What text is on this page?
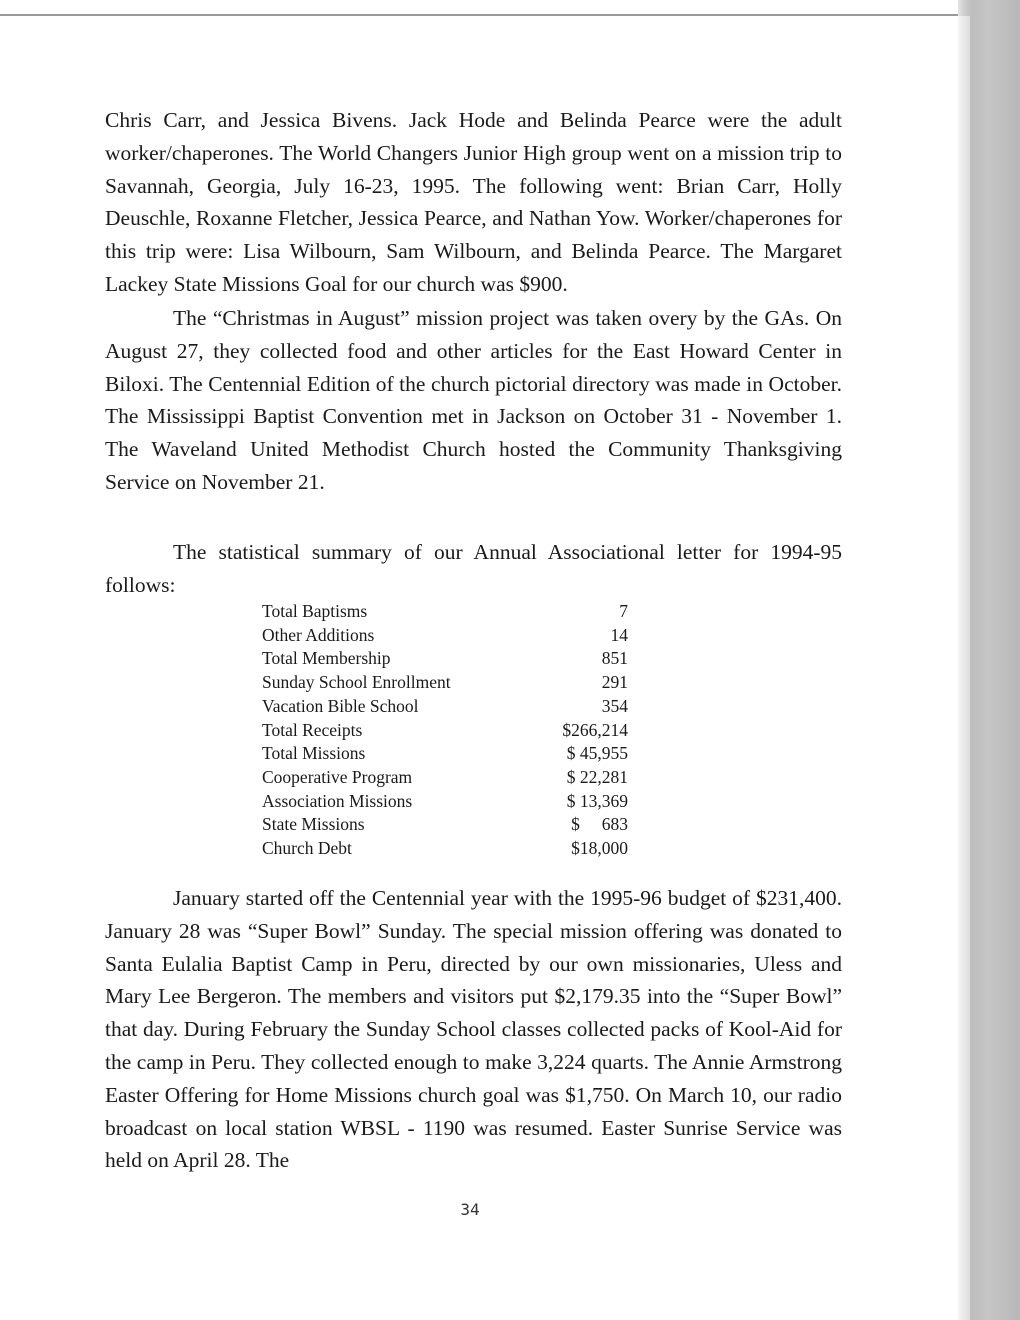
Chris Carr, and Jessica Bivens. Jack Hode and Belinda Pearce were the adult worker/chaperones. The World Changers Junior High group went on a mission trip to Savannah, Georgia, July 16-23, 1995. The following went: Brian Carr, Holly Deuschle, Roxanne Fletcher, Jessica Pearce, and Nathan Yow. Worker/chaperones for this trip were: Lisa Wilbourn, Sam Wilbourn, and Belinda Pearce. The Margaret Lackey State Missions Goal for our church was $900.

The “Christmas in August” mission project was taken overy by the GAs. On August 27, they collected food and other articles for the East Howard Center in Biloxi. The Centennial Edition of the church pictorial directory was made in October. The Mississippi Baptist Convention met in Jackson on October 31 - November 1. The Waveland United Methodist Church hosted the Community Thanksgiving Service on November 21.

The statistical summary of our Annual Associational letter for 1994-95 follows:

Total Baptisms	7
Other Additions	14
Total Membership	851
Sunday School Enrollment	291
Vacation Bible School	354
Total Receipts	$266,214
Total Missions	$ 45,955
Cooperative Program	$ 22,281
Association Missions	$ 13,369
State Missions	$     683
Church Debt	$18,000

January started off the Centennial year with the 1995-96 budget of $231,400. January 28 was “Super Bowl” Sunday. The special mission offering was donated to Santa Eulalia Baptist Camp in Peru, directed by our own missionaries, Uless and Mary Lee Bergeron. The members and visitors put $2,179.35 into the “Super Bowl” that day. During February the Sunday School classes collected packs of Kool-Aid for the camp in Peru. They collected enough to make 3,224 quarts. The Annie Armstrong Easter Offering for Home Missions church goal was $1,750. On March 10, our radio broadcast on local station WBSL - 1190 was resumed. Easter Sunrise Service was held on April 28. The

34
